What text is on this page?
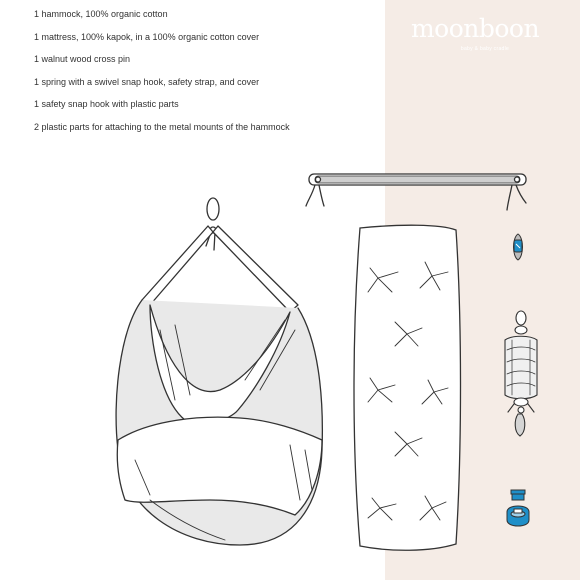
moonboon
baby & baby cradle
1 hammock, 100% organic cotton
1 mattress, 100% kapok, in a 100% organic cotton cover
1 walnut wood cross pin
1 spring with a swivel snap hook, safety strap, and cover
1 safety snap hook with plastic parts
2 plastic parts for attaching to the metal mounts of the hammock
